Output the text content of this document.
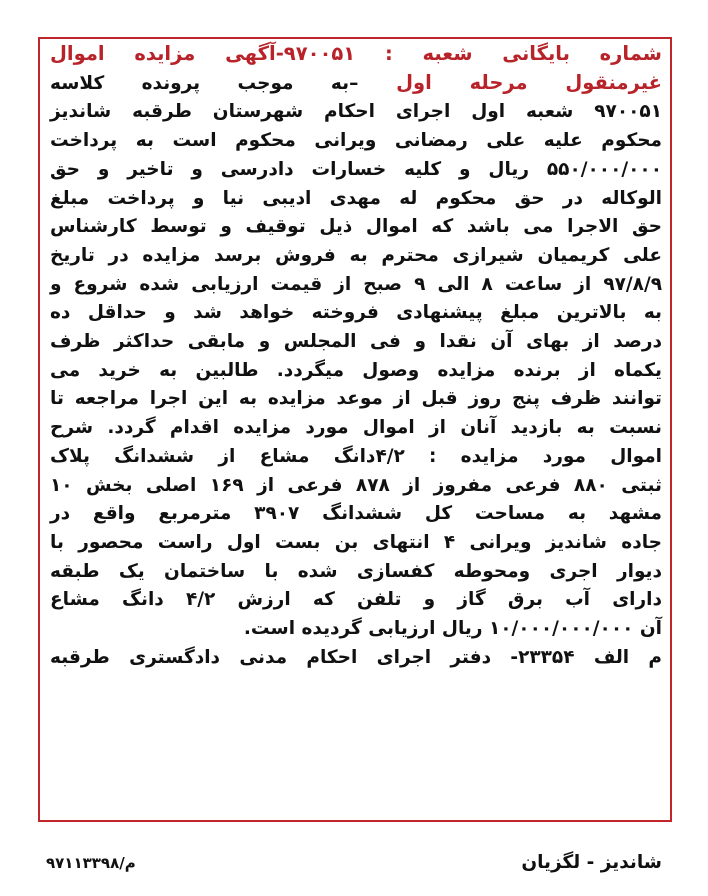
شماره بایگانی شعبه : ۹۷۰۰۵۱-آگهی مزایده اموال
غیرمنقول مرحله اول –به موجب پرونده کلاسه
۹۷۰۰۵۱ شعبه اول اجرای احکام شهرستان طرقبه شاندیز
محکوم علیه علی رمضانی ویرانی محکوم است به پرداخت
۵۵۰/۰۰۰/۰۰۰ ریال و کلیه خسارات دادرسی و تاخیر و حق
الوکاله در حق محکوم له مهدی ادیبی نیا و پرداخت مبلغ
حق الاجرا می باشد که اموال ذیل توقیف و توسط کارشناس
علی کریمیان شیرازی محترم به فروش برسد مزایده در تاریخ
۹۷/۸/۹ از ساعت ۸ الی ۹ صبح از قیمت ارزیابی شده شروع و
به بالاترین مبلغ پیشنهادی فروخته خواهد شد و حداقل ده
درصد از بهای آن نقدا و فی المجلس و مابقی حداکثر ظرف
یکماه از برنده مزایده وصول میگردد. طالبین به خرید می
توانند ظرف پنج روز قبل از موعد مزایده به این اجرا مراجعه تا
نسبت به بازدید آنان از اموال مورد مزایده اقدام گردد. شرح
اموال مورد مزایده : ۴/۲دانگ مشاع از ششدانگ پلاک
ثبتی ۸۸۰ فرعی مفروز از ۸۷۸ فرعی از ۱۶۹ اصلی بخش ۱۰
مشهد به مساحت کل ششدانگ ۳۹۰۷ مترمربع واقع در
جاده شاندیز ویرانی ۴ انتهای بن بست اول راست محصور با
دیوار اجری ومحوطه کفسازی شده با ساختمان یک طبقه
دارای آب برق گاز و تلفن که ارزش ۴/۲ دانگ مشاع
آن ۱۰/۰۰۰/۰۰۰/۰۰۰ ریال ارزیابی گردیده است.
م الف ۲۳۳۵۴- دفتر اجرای احکام مدنی دادگستری طرقبه
شاندیز - لگزیان
م/۹۷۱۱۳۳۹۸
